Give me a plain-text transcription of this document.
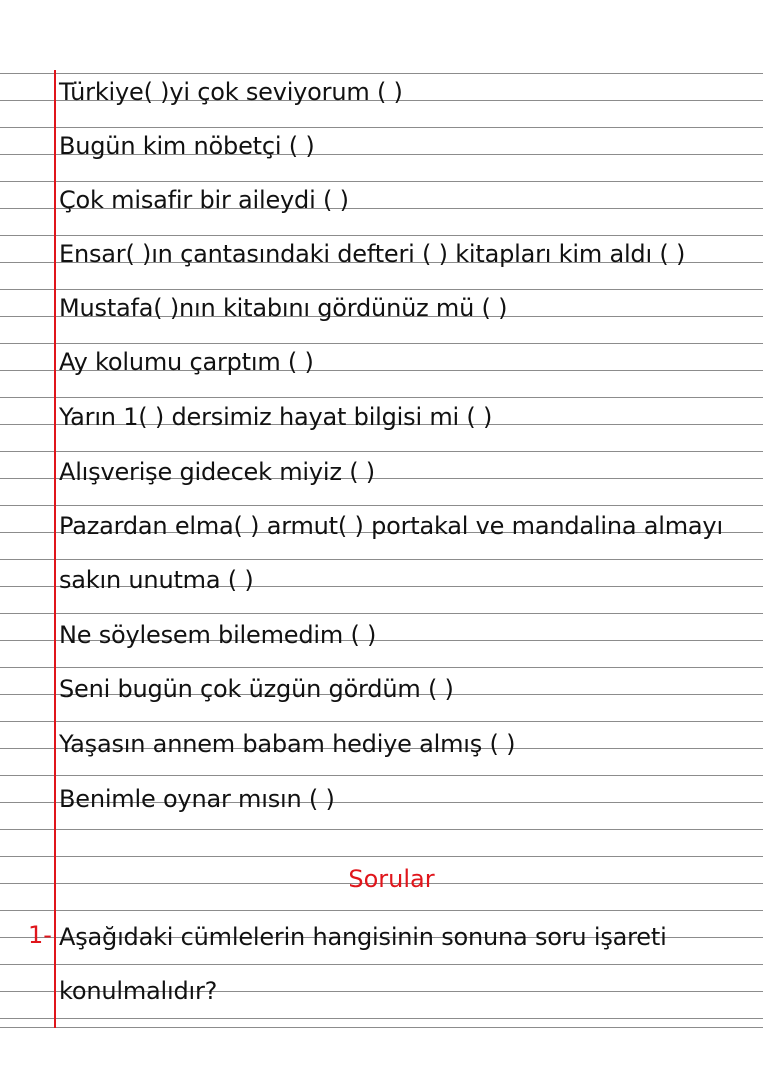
Türkiye( )yi çok seviyorum ( )
Bugün kim nöbetçi ( )
Çok misafir bir aileydi ( )
Ensar( )ın çantasındaki defteri ( ) kitapları kim aldı ( )
Mustafa( )nın kitabını gördünüz mü ( )
Ay kolumu çarptım ( )
Yarın 1( ) dersimiz hayat bilgisi mi ( )
Alışverişe gidecek miyiz ( )
Pazardan elma( ) armut( ) portakal ve mandalina almayı
sakın unutma ( )
Ne söylesem bilemedim ( )
Seni bugün çok üzgün gördüm ( )
Yaşasın annem babam hediye almış ( )
Benimle oynar mısın ( )
Sorular
1- Aşağıdaki cümlelerin hangisinin sonuna soru işareti
konulmalıdır?
